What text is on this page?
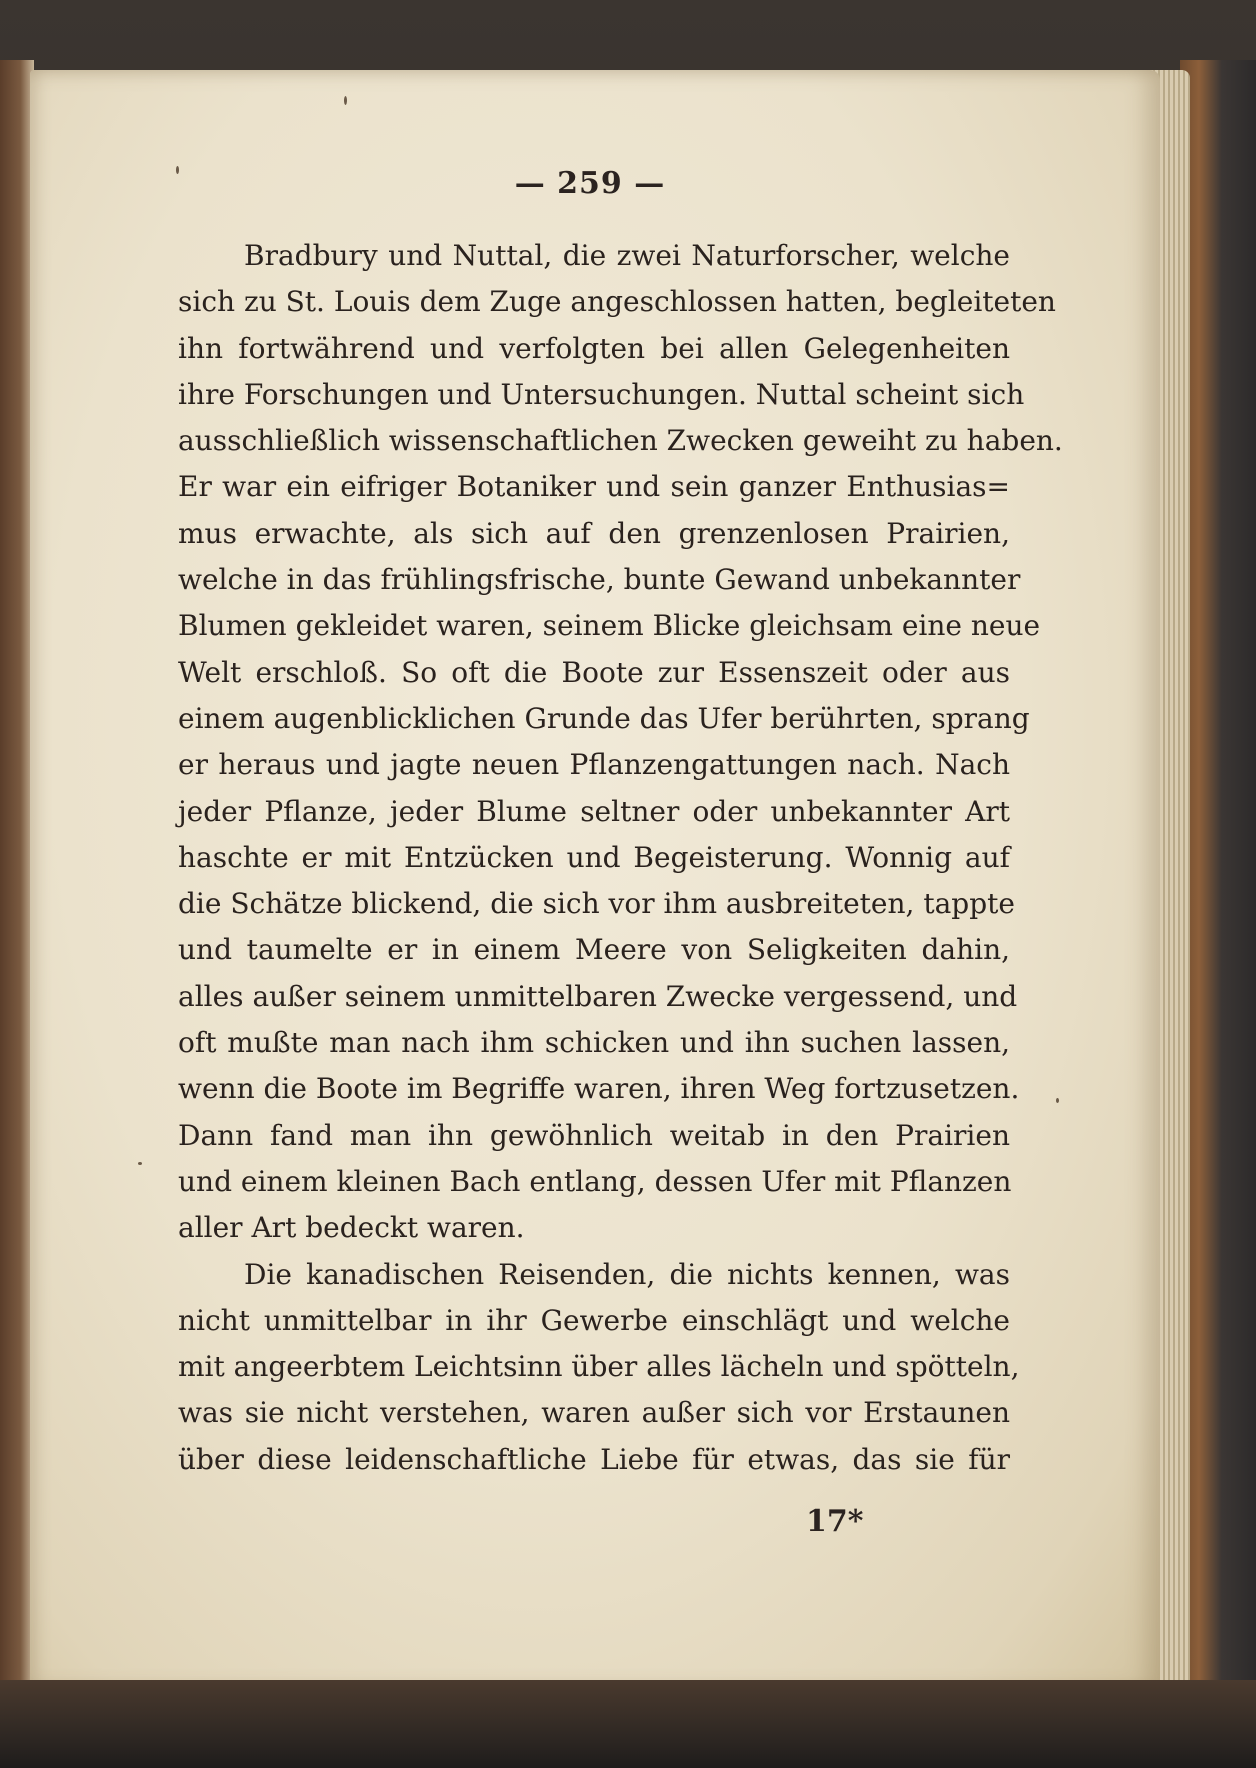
— 259 —
Bradbury und Nuttal, die zwei Naturforscher, welche
sich zu St. Louis dem Zuge angeschlossen hatten, begleiteten
ihn fortwährend und verfolgten bei allen Gelegenheiten
ihre Forschungen und Untersuchungen. Nuttal scheint sich
ausschließlich wissenschaftlichen Zwecken geweiht zu haben.
Er war ein eifriger Botaniker und sein ganzer Enthusias=
mus erwachte, als sich auf den grenzenlosen Prairien,
welche in das frühlingsfrische, bunte Gewand unbekannter
Blumen gekleidet waren, seinem Blicke gleichsam eine neue
Welt erschloß. So oft die Boote zur Essenszeit oder aus
einem augenblicklichen Grunde das Ufer berührten, sprang
er heraus und jagte neuen Pflanzengattungen nach. Nach
jeder Pflanze, jeder Blume seltner oder unbekannter Art
haschte er mit Entzücken und Begeisterung. Wonnig auf
die Schätze blickend, die sich vor ihm ausbreiteten, tappte
und taumelte er in einem Meere von Seligkeiten dahin,
alles außer seinem unmittelbaren Zwecke vergessend, und
oft mußte man nach ihm schicken und ihn suchen lassen,
wenn die Boote im Begriffe waren, ihren Weg fortzusetzen.
Dann fand man ihn gewöhnlich weitab in den Prairien
und einem kleinen Bach entlang, dessen Ufer mit Pflanzen
aller Art bedeckt waren.
Die kanadischen Reisenden, die nichts kennen, was
nicht unmittelbar in ihr Gewerbe einschlägt und welche
mit angeerbtem Leichtsinn über alles lächeln und spötteln,
was sie nicht verstehen, waren außer sich vor Erstaunen
über diese leidenschaftliche Liebe für etwas, das sie für
17*
